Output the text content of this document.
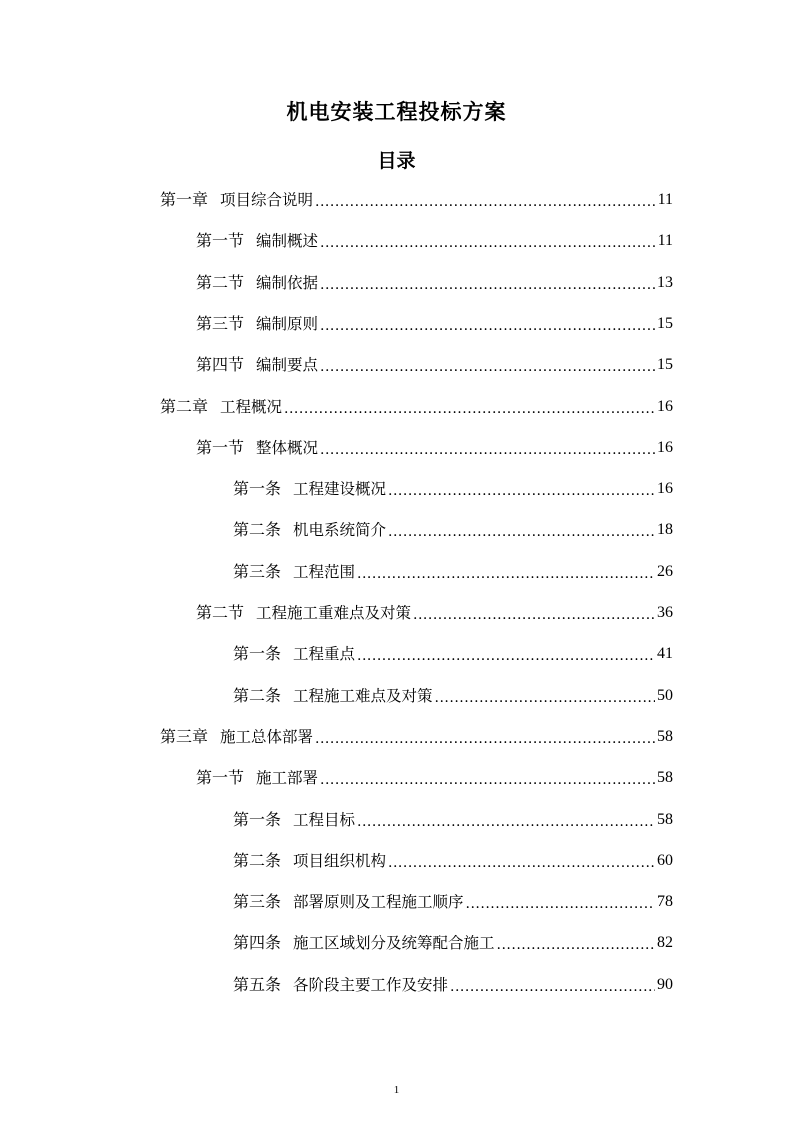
机电安装工程投标方案
目录
第一章 项目综合说明 .....	11
第一节 编制概述 .....	11
第二节 编制依据 .....	13
第三节 编制原则 .....	15
第四节 编制要点 .....	15
第二章 工程概况 .....	16
第一节 整体概况 .....	16
第一条 工程建设概况 .....	16
第二条 机电系统简介 .....	18
第三条 工程范围 .....	26
第二节 工程施工重难点及对策 .....	36
第一条 工程重点 .....	41
第二条 工程施工难点及对策 .....	50
第三章 施工总体部署 .....	58
第一节 施工部署 .....	58
第一条 工程目标 .....	58
第二条 项目组织机构 .....	60
第三条 部署原则及工程施工顺序 .....	78
第四条 施工区域划分及统筹配合施工 .....	82
第五条 各阶段主要工作及安排 .....	90
1
